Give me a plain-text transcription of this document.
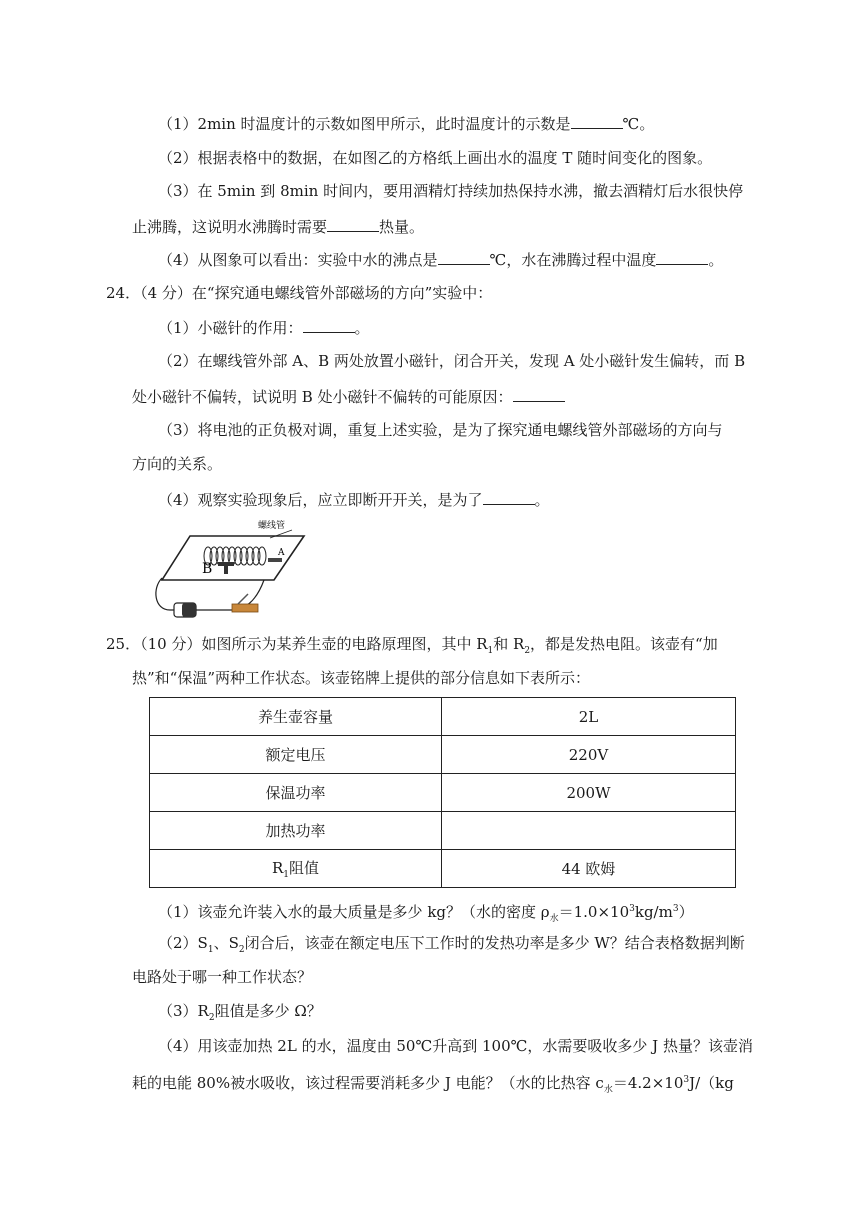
（1）2min 时温度计的示数如图甲所示，此时温度计的示数是	℃。
（2）根据表格中的数据，在如图乙的方格纸上画出水的温度 T 随时间变化的图象。
（3）在 5min 到 8min 时间内，要用酒精灯持续加热保持水沸，撤去酒精灯后水很快停
止沸腾，这说明水沸腾时需要	热量。
（4）从图象可以看出：实验中水的沸点是	℃，水在沸腾过程中温度	。
24．（4 分）在“探究通电螺线管外部磁场的方向”实验中：
（1）小磁针的作用：	。
（2）在螺线管外部 A、B 两处放置小磁针，闭合开关，发现 A 处小磁针发生偏转，而 B
处小磁针不偏转，试说明 B 处小磁针不偏转的可能原因：
（3）将电池的正负极对调，重复上述实验，是为了探究通电螺线管外部磁场的方向与
方向的关系。
（4）观察实验现象后，应立即断开开关，是为了	。
螺线管
A
B
25．（10 分）如图所示为某养生壶的电路原理图，其中 $R_1$和 $R_2$，都是发热电阻。该壶有“加
热”和“保温”两种工作状态。该壶铭牌上提供的部分信息如下表所示：
养生壶容量	2L
额定电压	220V
保温功率	200W
加热功率	
$R_1$阻值	44 欧姆
（1）该壶允许装入水的最大质量是多少 kg？（水的密度 $\rho_水=1.0\times 10^3kg/m^3$）
$(2)S_1$、$S_2$闭合后，该壶在额定电压下工作时的发热功率是多少 W？结合表格数据判断
电路处于哪一种工作状态？
$(3)R_2$阻值是多少 Ω？
（4）用该壶加热 2L 的水，温度由 50℃升高到 100℃，水需要吸收多少 J 热量？该壶消
耗的电能 80%被水吸收，该过程需要消耗多少 J 电能？（水的比热容 $c_水=4.2\times 10^3J/(kg$
